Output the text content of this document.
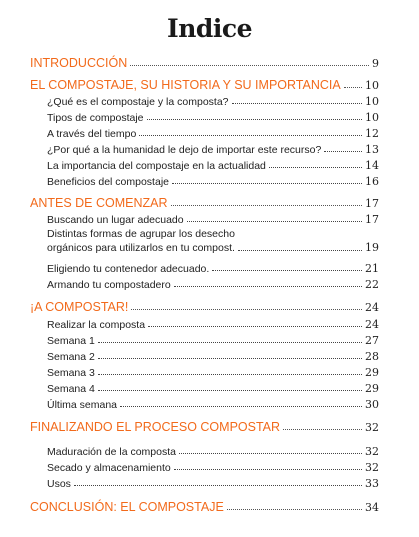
Indice
INTRODUCCIÓN	9
EL COMPOSTAJE, SU HISTORIA Y SU IMPORTANCIA 10
¿Qué es el compostaje y la composta?	10
Tipos de compostaje	10
A través del tiempo	12
¿Por qué a la humanidad le dejo de importar este recurso?	13
La importancia del compostaje en la actualidad	14
Beneficios del compostaje	16
ANTES DE COMENZAR	17
Buscando un lugar adecuado	17
Distintas formas de agrupar los desecho
orgánicos para utilizarlos en tu compost.	19
Eligiendo tu contenedor adecuado.	21
Armando tu compostadero	22
¡A COMPOSTAR!	24
Realizar la composta	24
Semana 1	27
Semana 2	28
Semana 3	29
Semana 4	29
Última semana	30
FINALIZANDO EL PROCESO COMPOSTAR	32
Maduración de la composta	32
Secado y almacenamiento	32
Usos	33
CONCLUSIÓN: EL COMPOSTAJE	34
